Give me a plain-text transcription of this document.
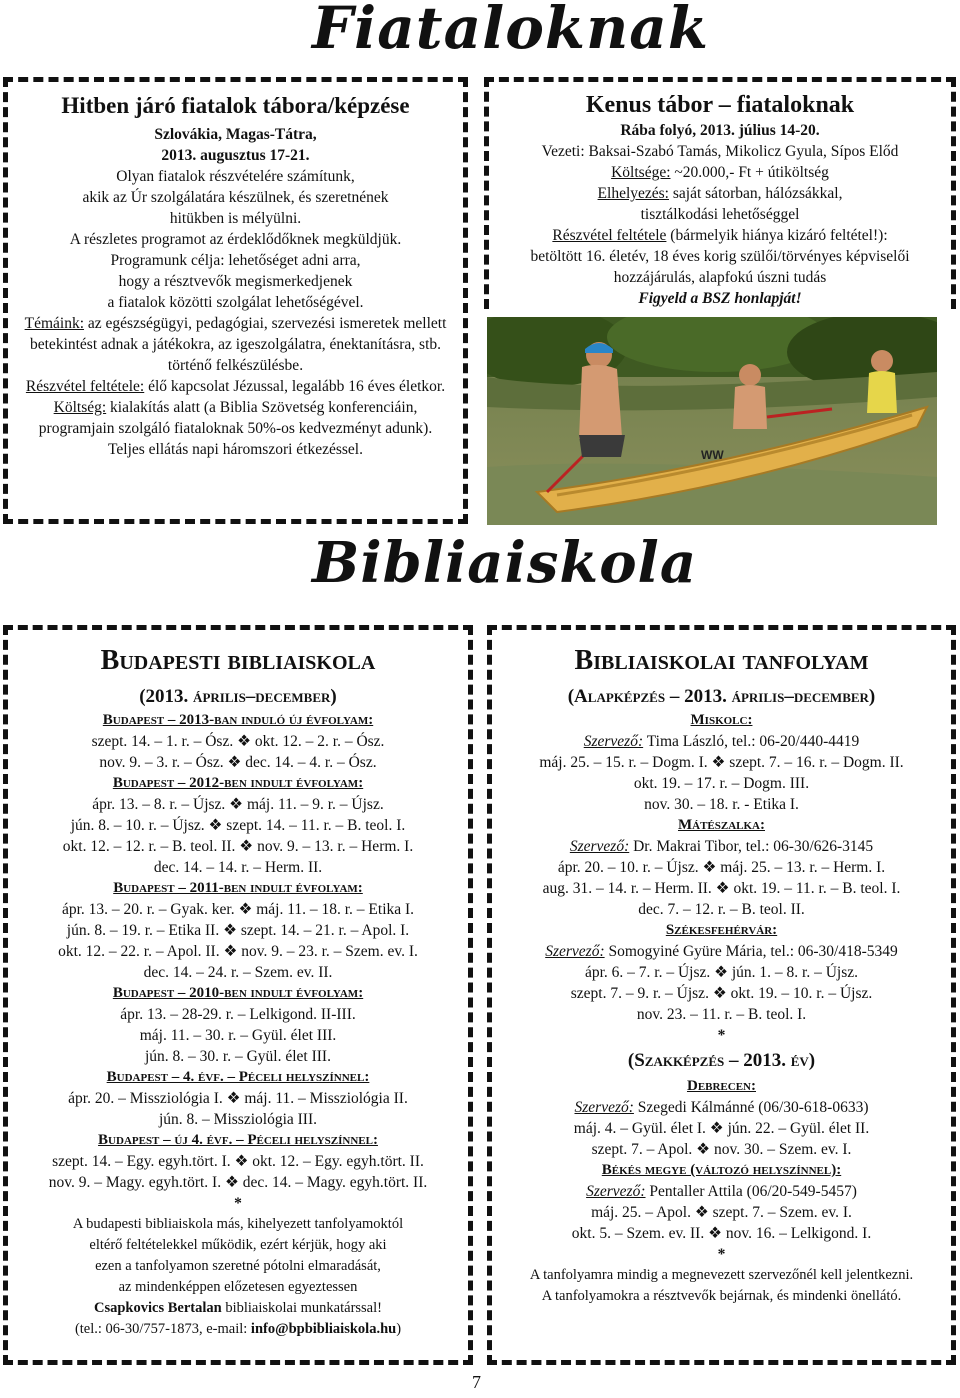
Fiataloknak
Bibliaiskola
Hitben járó fiatalok tábora/képzése

Szlovákia, Magas-Tátra,

2013. augusztus 17-21.

Olyan fiatalok részvételére számítunk,

akik az Úr szolgálatára készülnek, és szeretnének

hitükben is mélyülni.

A részletes programot az érdeklődőknek megküldjük.

Programunk célja: lehetőséget adni arra,

hogy a résztvevők megismerkedjenek

a fiatalok közötti szolgálat lehetőségével.

Témáink: az egészségügyi, pedagógiai, szervezési ismeretek mellett betekintést adnak a játékokra, az igeszolgálatra, énektanításra, stb. történő felkészülésbe.

Részvétel feltétele: élő kapcsolat Jézussal, legalább 16 éves életkor.

Költség: kialakítás alatt (a Biblia Szövetség konferenciáin, programjain szolgáló fiataloknak 50%-os kedvezményt adunk).

Teljes ellátás napi háromszori étkezéssel.

Kenus tábor – fiataloknak

Rába folyó, 2013. július 14-20.

Vezeti: Baksai-Szabó Tamás, Mikolicz Gyula, Sípos Előd

Költsége: ~20.000,- Ft + útiköltség

Elhelyezés: saját sátorban, hálózsákkal,

tisztálkodási lehetőséggel

Részvétel feltétele (bármelyik hiánya kizáró feltétel!):

betöltött 16. életév, 18 éves korig szülői/törvényes képviselői

hozzájárulás, alapfokú úszni tudás

Figyeld a BSZ honlapját!

WW
Budapesti bibliaiskola
(2013. április–december)

Budapest – 2013-ban induló új évfolyam:

szept. 14. – 1. r. – Ósz. ❖ okt. 12. – 2. r. – Ósz.

nov. 9. – 3. r. – Ósz. ❖ dec. 14. – 4. r. – Ósz.

Budapest – 2012-ben indult évfolyam:

ápr. 13. – 8. r. – Újsz. ❖ máj. 11. – 9. r. – Újsz.

jún. 8. – 10. r. – Újsz. ❖ szept. 14. – 11. r. – B. teol. I.

okt. 12. – 12. r. – B. teol. II. ❖ nov. 9. – 13. r. – Herm. I.

dec. 14. – 14. r. – Herm. II.

Budapest – 2011-ben indult évfolyam:

ápr. 13. – 20. r. – Gyak. ker. ❖ máj. 11. – 18. r. – Etika I.

jún. 8. – 19. r. – Etika II. ❖ szept. 14. – 21. r. – Apol. I.

okt. 12. – 22. r. – Apol. II. ❖ nov. 9. – 23. r. – Szem. ev. I.

dec. 14. – 24. r. – Szem. ev. II.

Budapest – 2010-ben indult évfolyam:

ápr. 13. – 28-29. r. – Lelkigond. II-III.

máj. 11. – 30. r. – Gyül. élet III.

jún. 8. – 30. r. – Gyül. élet III.

Budapest – 4. évf. – Péceli helyszínnel:

ápr. 20. – Missziológia I. ❖ máj. 11. – Missziológia II.

jún. 8. – Missziológia III.

Budapest – új 4. évf. – Péceli helyszínnel:

szept. 14. – Egy. egyh.tört. I. ❖ okt. 12. – Egy. egyh.tört. II.

nov. 9. – Magy. egyh.tört. I. ❖ dec. 14. – Magy. egyh.tört. II.

*

A budapesti bibliaiskola más, kihelyezett tanfolyamoktól

eltérő feltételekkel működik, ezért kérjük, hogy aki

ezen a tanfolyamon szeretné pótolni elmaradását,

az mindenképpen előzetesen egyeztessen

Csapkovics Bertalan bibliaiskolai munkatárssal!

(tel.: 06-30/757-1873, e-mail: info@bpbibliaiskola.hu)

Bibliaiskolai tanfolyam
(Alapképzés – 2013. április–december)

Miskolc:

Szervező: Tima László, tel.: 06-20/440-4419

máj. 25. – 15. r. – Dogm. I. ❖ szept. 7. – 16. r. – Dogm. II.

okt. 19. – 17. r. – Dogm. III.

nov. 30. – 18. r. - Etika I.

Mátészalka:

Szervező: Dr. Makrai Tibor, tel.: 06-30/626-3145

ápr. 20. – 10. r. – Újsz. ❖ máj. 25. – 13. r. – Herm. I.

aug. 31. – 14. r. – Herm. II. ❖ okt. 19. – 11. r. – B. teol. I.

dec. 7. – 12. r. – B. teol. II.

Székesfehérvár:

Szervező: Somogyiné Gyüre Mária, tel.: 06-30/418-5349

ápr. 6. – 7. r. – Újsz. ❖ jún. 1. – 8. r. – Újsz.

szept. 7. – 9. r. – Újsz. ❖ okt. 19. – 10. r. – Újsz.

nov. 23. – 11. r. – B. teol. I.

*

(Szakképzés – 2013. év)

Debrecen:

Szervező: Szegedi Kálmánné (06/30-618-0633)

máj. 4. – Gyül. élet I. ❖ jún. 22. – Gyül. élet II.

szept. 7. – Apol. ❖ nov. 30. – Szem. ev. I.

Békés megye (változó helyszínnel):

Szervező: Pentaller Attila (06/20-549-5457)

máj. 25. – Apol. ❖ szept. 7. – Szem. ev. I.

okt. 5. – Szem. ev. II. ❖ nov. 16. – Lelkigond. I.

*

A tanfolyamra mindig a megnevezett szervezőnél kell jelentkezni.

A tanfolyamokra a résztvevők bejárnak, és mindenki önellátó.

7
